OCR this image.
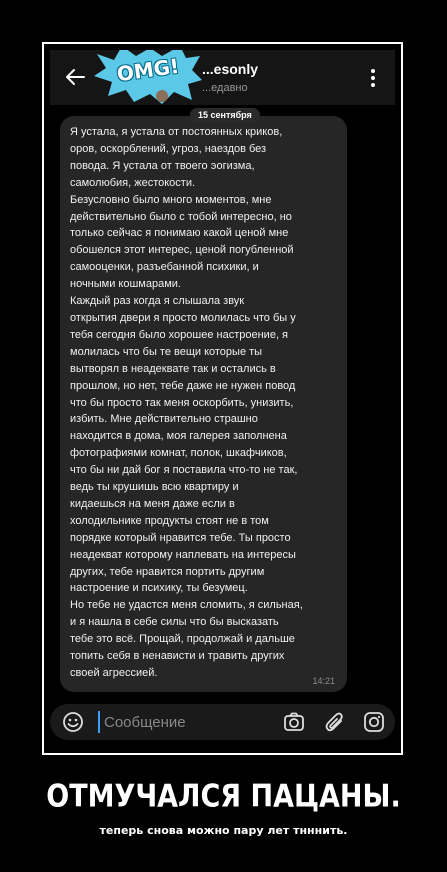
OMG!	...esonly
...едавно

Я устала, я устала от постоянных криков,
оров, оскорблений, угроз, наездов без
повода. Я устала от твоего эогизма,
самолюбия, жестокости.
Безусловно было много моментов, мне
действительно было с тобой интересно, но
только сейчас я понимаю какой ценой мне
обошелся этот интерес, ценой погубленной
самооценки, разъебанной психики, и
ночными кошмарами.
Каждый раз когда я слышала звук
открытия двери я просто молилась что бы у
тебя сегодня было хорошее настроение, я
молилась что бы те вещи которые ты
вытворял в неадеквате так и остались в
прошлом, но нет, тебе даже не нужен повод
что бы просто так меня оскорбить, унизить,
избить. Мне действительно страшно
находится в дома, моя галерея заполнена
фотографиями комнат, полок, шкафчиков,
что бы ни дай бог я поставила что-то не так,
ведь ты крушишь всю квартиру и
кидаешься на меня даже если в
холодильнике продукты стоят не в том
порядке который нравится тебе. Ты просто
неадекват которому наплевать на интересы
других, тебе нравится портить другим
настроение и психику, ты безумец.
Но тебе не удастся меня сломить, я сильная,
и я нашла в себе силы что бы высказать
тебе это всё. Прощай, продолжай и дальше
топить себя в ненависти и травить других
своей агрессией.

14:21
15 сентября
Сообщение
ОТМУЧАЛСЯ ПАЦАНЫ.
теперь снова можно пару лет тнннить.
